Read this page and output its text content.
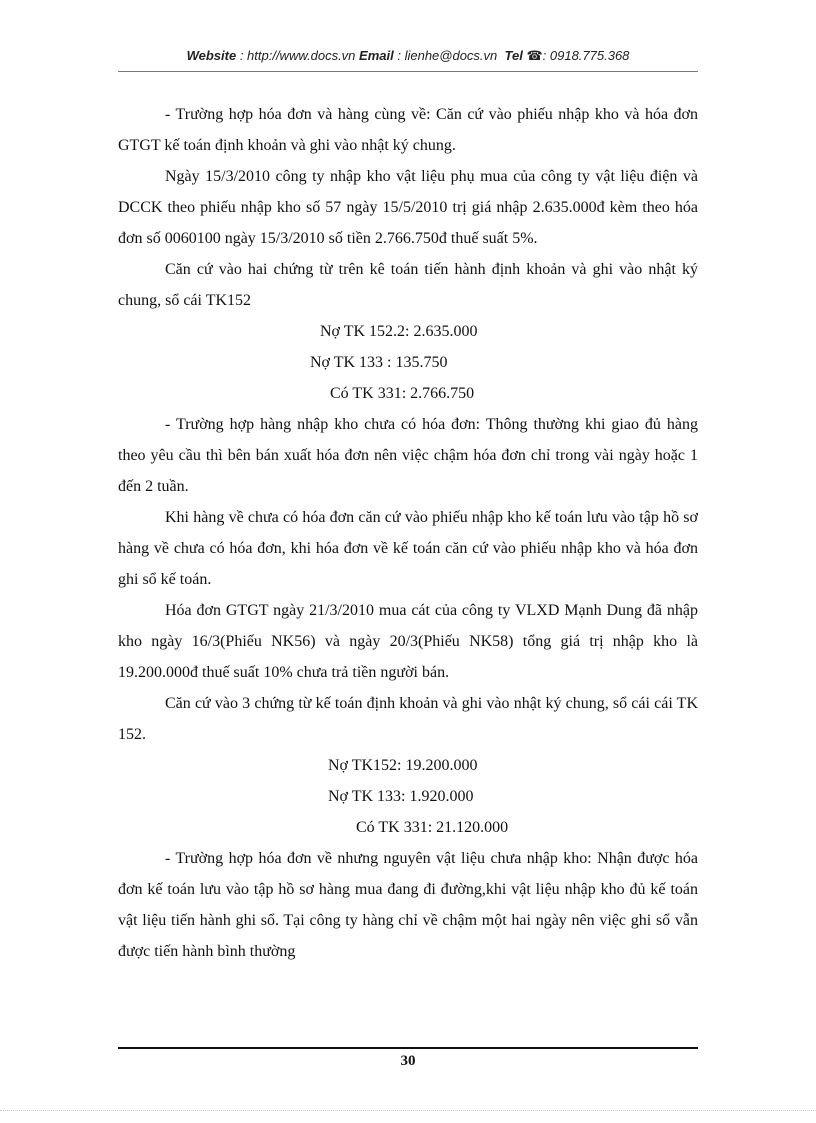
Website : http://www.docs.vn Email : lienhe@docs.vn Tel ☎: 0918.775.368

- Trường hợp hóa đơn và hàng cùng về: Căn cứ vào phiếu nhập kho và hóa đơn GTGT kế toán định khoản và ghi vào nhật ký chung.

Ngày 15/3/2010 công ty nhập kho vật liệu phụ mua của công ty vật liệu điện và DCCK theo phiếu nhập kho số 57 ngày 15/5/2010 trị giá nhập 2.635.000đ kèm theo hóa đơn số 0060100 ngày 15/3/2010 số tiền 2.766.750đ thuế suất 5%.

Căn cứ vào hai chứng từ trên kê toán tiến hành định khoản và ghi vào nhật ký chung, sổ cái TK152

Nợ TK 152.2: 2.635.000
Nợ TK 133 : 135.750
Có TK 331: 2.766.750

- Trường hợp hàng nhập kho chưa có hóa đơn: Thông thường khi giao đủ hàng theo yêu cầu thì bên bán xuất hóa đơn nên việc chậm hóa đơn chỉ trong vài ngày hoặc 1 đến 2 tuần.

Khi hàng về chưa có hóa đơn căn cứ vào phiếu nhập kho kế toán lưu vào tập hồ sơ hàng về chưa có hóa đơn, khi hóa đơn về kế toán căn cứ vào phiếu nhập kho và hóa đơn ghi sổ kế toán.

Hóa đơn GTGT ngày 21/3/2010 mua cát của công ty VLXD Mạnh Dung đã nhập kho ngày 16/3(Phiếu NK56) và ngày 20/3(Phiếu NK58) tổng giá trị nhập kho là 19.200.000đ thuế suất 10% chưa trả tiền người bán.

Căn cứ vào 3 chứng từ kế toán định khoản và ghi vào nhật ký chung, sổ cái cái TK 152.

Nợ TK152: 19.200.000
Nợ TK 133: 1.920.000
Có TK 331: 21.120.000

- Trường hợp hóa đơn về nhưng nguyên vật liệu chưa nhập kho: Nhận được hóa đơn kế toán lưu vào tập hồ sơ hàng mua đang đi đường,khi vật liệu nhập kho đủ kế toán vật liệu tiến hành ghi sổ. Tại công ty hàng chỉ về chậm một hai ngày nên việc ghi sổ vẫn được tiến hành bình thường

30
